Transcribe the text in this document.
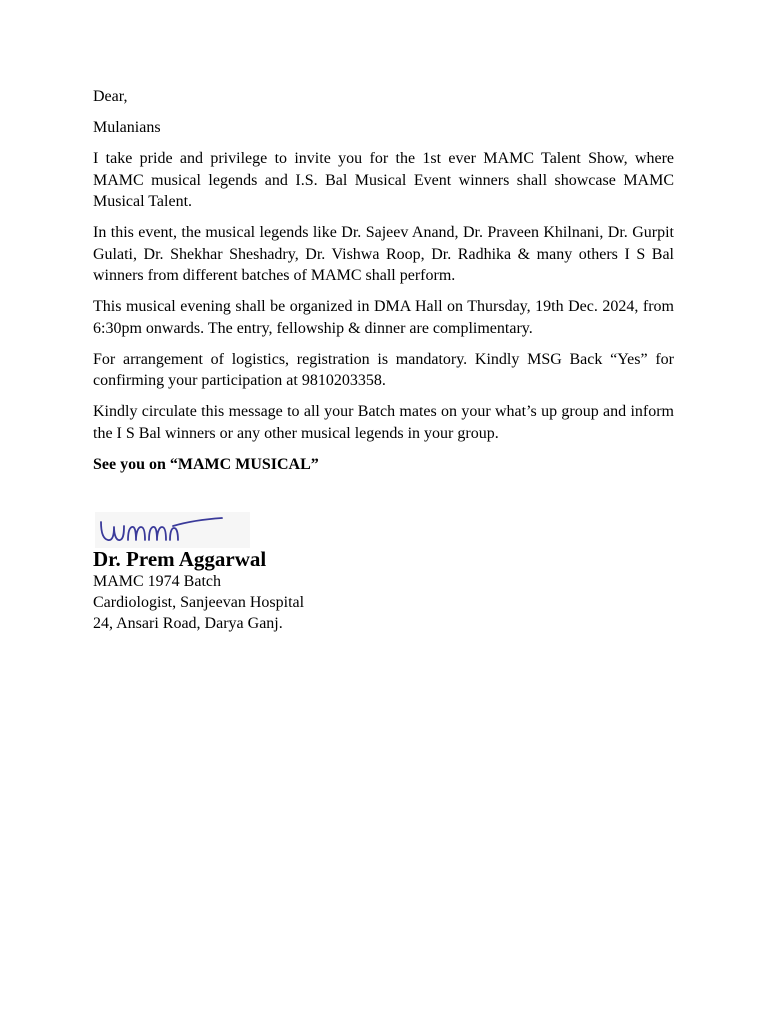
Dear,

Mulanians

I take pride and privilege to invite you for the 1st ever MAMC Talent Show, where MAMC musical legends and I.S. Bal Musical Event winners shall showcase MAMC Musical Talent.

In this event, the musical legends like Dr. Sajeev Anand, Dr. Praveen Khilnani, Dr. Gurpit Gulati, Dr. Shekhar Sheshadry, Dr. Vishwa Roop, Dr. Radhika & many others I S Bal winners from different batches of MAMC shall perform.

This musical evening shall be organized in DMA Hall on Thursday, 19th Dec. 2024, from 6:30pm onwards. The entry, fellowship & dinner are complimentary.

For arrangement of logistics, registration is mandatory. Kindly MSG Back “Yes” for confirming your participation at 9810203358.

Kindly circulate this message to all your Batch mates on your what’s up group and inform the I S Bal winners or any other musical legends in your group.

See you on “MAMC MUSICAL”

Dr. Prem Aggarwal

MAMC 1974 Batch

Cardiologist, Sanjeevan Hospital

24, Ansari Road, Darya Ganj.
